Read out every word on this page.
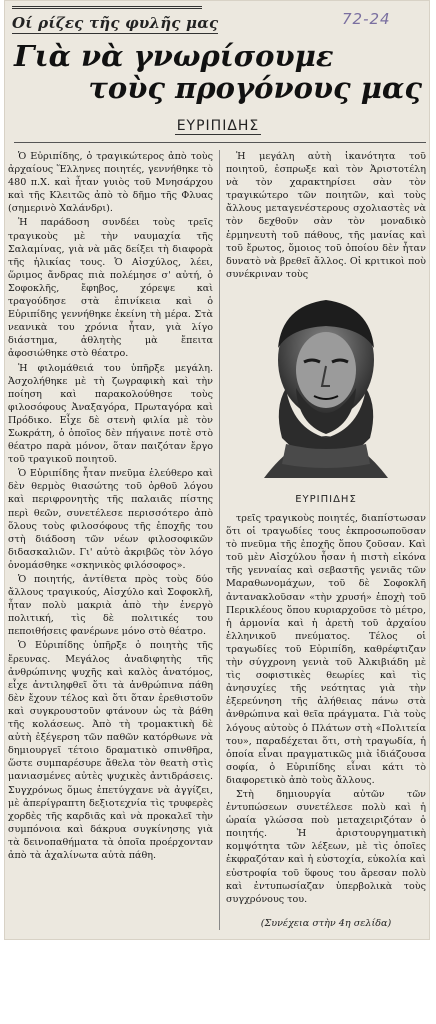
Οί ρίζες τῆς φυλῆς μας	72-24
Γιὰ νὰ γνωρίσουμε
τοὺς προγόνους μας
ΕΥΡΙΠΙΔΗΣ

Ὁ Εὐριπίδης, ὁ τραγικώτερος ἀπὸ τοὺς ἀρχαίους Ἕλληνες ποιητές, γεννήθηκε τὸ 480 π.Χ. καὶ ἦταν γυιὸς τοῦ Μνησάρχου καὶ τῆς Κλειτῶς ἀπὸ τὸ δῆμο τῆς Φλυας (σημερινὸ Χαλάνδρι).

Ἡ παράδοση συνδέει τοὺς τρεῖς τραγικοὺς μὲ τὴν ναυμαχία τῆς Σαλαμίνας, γιὰ νὰ μᾶς δείξει τὴ διαφορὰ τῆς ἡλικίας τους. Ὁ Αἰσχύλος, λέει, ὥριμος ἄνδρας πιὰ πολέμησε σ' αὐτή, ὁ Σοφοκλῆς, ἔφηβος, χόρεψε καὶ τραγούδησε στὰ ἐπινίκεια καὶ ὁ Εὐριπίδης γεννήθηκε ἐκείνη τὴ μέρα. Στὰ νεανικὰ του χρόνια ἦταν, γιὰ λίγο διάστημα, ἀθλητὴς μὰ ἔπειτα ἀφοσιώθηκε στὸ θέατρο.

Ἡ φιλομάθειά του ὑπῆρξε μεγάλη. Ἀσχολήθηκε μὲ τὴ ζωγραφικὴ καὶ τὴν ποίηση καὶ παρακολούθησε τοὺς φιλοσόφους Ἀναξαγόρα, Πρωταγόρα καὶ Πρόδικο. Εἶχε δὲ στενὴ φιλία μὲ τὸν Σωκράτη, ὁ ὁποῖος δὲν πήγαινε ποτὲ στὸ θέατρο παρὰ μόνον, ὅταν παιζόταν ἔργο τοῦ τραγικοῦ ποιητοῦ.

Ὁ Εὐριπίδης ἦταν πνεῦμα ἐλεύθερο καὶ δὲν θερμὸς θιασώτης τοῦ ὀρθοῦ λόγου καὶ περιφρονητὴς τῆς παλαιᾶς πίστης περὶ θεῶν, συνετέλεσε περισσότερο ἀπὸ ὅλους τοὺς φιλοσόφους τῆς ἐποχῆς του στὴ διάδοση τῶν νέων φιλοσοφικῶν διδασκαλιῶν. Γι' αὐτὸ ἀκριβῶς τὸν λόγο ὀνομάσθηκε «σκηνικὸς φιλόσοφος».

Ὁ ποιητής, ἀντίθετα πρὸς τοὺς δύο ἄλλους τραγικούς, Αἰσχύλο καὶ Σοφοκλῆ, ἦταν πολὺ μακριὰ ἀπὸ τὴν ἐνεργὸ πολιτική, τὶς δὲ πολιτικές του πεποιθήσεις φανέρωνε μόνο στὸ θέατρο.

Ὁ Εὐριπίδης ὑπῆρξε ὁ ποιητὴς τῆς ἔρευνας. Μεγάλος ἀναδιφητὴς τῆς ἀνθρώπινης ψυχῆς καὶ καλὸς ἀνατόμος, εἶχε ἀντιληφθεῖ ὅτι τὰ ἀνθρώπινα πάθη δὲν ἔχουν τέλος καὶ ὅτι ὅταν ἐρεθιστοῦν καὶ συγκρουστοῦν φτάνουν ὡς τὰ βάθη τῆς κολάσεως. Ἀπὸ τὴ τρομακτικὴ δὲ αὐτὴ ἐξέγερση τῶν παθῶν κατόρθωνε νὰ δημιουργεῖ τέτοιο δραματικὸ σπινθῆρα, ὥστε συμπαρέσυρε ἄθελα τὸν θεατὴ στὶς μανιασμένες αὐτὲς ψυχικὲς ἀντιδράσεις. Συγχρόνως ὅμως ἐπετύγχανε νὰ ἀγγίζει, μὲ ἀπερίγραπτη δεξιοτεχνία τὶς τρυφερὲς χορδὲς τῆς καρδιᾶς καὶ νὰ προκαλεῖ τὴν συμπόνοια καὶ δάκρυα συγκίνησης γιὰ τὰ δεινοπαθήματα τὰ ὁποῖα προέρχονταν ἀπὸ τὰ ἀχαλίνωτα αὐτὰ πάθη.

Ἡ μεγάλη αὐτὴ ἱκανότητα τοῦ ποιητοῦ, ἐσπρωξε καὶ τὸν Ἀριστοτέλη νὰ τὸν χαρακτηρίσει σὰν τὸν τραγικώτερο τῶν ποιητῶν, καὶ τοὺς ἄλλους μεταγενέστερους σχολιαστὲς νὰ τὸν δεχθοῦν σὰν τὸν μοναδικὸ ἑρμηνευτὴ τοῦ πάθους, τῆς μανίας καὶ τοῦ ἔρωτος, ὅμοιος τοῦ ὁποίου δὲν ἦταν δυνατὸ νὰ βρεθεῖ ἄλλος. Οἱ κριτικοὶ ποὺ συνέκριναν τοὺς

ΕΥΡΙΠΙΔΗΣ

τρεῖς τραγικοὺς ποιητές, διαπίστωσαν ὅτι οἱ τραγωδίες τους ἐκπροσωποῦσαν τὸ πνεῦμα τῆς ἐποχῆς ὅπου ζοῦσαν. Καὶ τοῦ μὲν Αἰσχύλου ἦσαν ἡ πιστὴ εἰκόνα τῆς γενναίας καὶ σεβαστῆς γενιᾶς τῶν Μαραθωνομάχων, τοῦ δὲ Σοφοκλῆ ἀντανακλοῦσαν «τὴν χρυσή» ἐποχὴ τοῦ Περικλέους ὅπου κυριαρχοῦσε τὸ μέτρο, ἡ ἁρμονία καὶ ἡ ἀρετὴ τοῦ ἀρχαίου ἑλληνικοῦ πνεύματος. Τέλος οἱ τραγωδίες τοῦ Εὐριπίδη, καθρέφτιζαν τὴν σύγχρονη γενιὰ τοῦ Ἀλκιβιάδη μὲ τὶς σοφιστικὲς θεωρίες καὶ τὶς ἀνησυχίες τῆς νεότητας γιὰ τὴν ἐξερεύνηση τῆς ἀλήθειας πάνω στὰ ἀνθρώπινα καὶ θεῖα πράγματα. Γιὰ τοὺς λόγους αὐτοὺς ὁ Πλάτων στὴ «Πολιτεία του», παραδέχεται ὅτι, στὴ τραγωδία, ἡ ὁποία εἶναι πραγματικῶς μιὰ ἰδιάζουσα σοφία, ὁ Εὐριπίδης εἶναι κάτι τὸ διαφορετικὸ ἀπὸ τοὺς ἄλλους.

Στὴ δημιουργία αὐτῶν τῶν ἐντυπώσεων συνετέλεσε πολὺ καὶ ἡ ὡραία γλώσσα ποὺ μεταχειριζόταν ὁ ποιητής. Ἡ ἀριστουργηματικὴ κομψότητα τῶν λέξεων, μὲ τὶς ὁποῖες ἐκφραζόταν καὶ ἡ εὐστοχία, εὐκολία καὶ εὐστροφία τοῦ ὕφους του ἄρεσαν πολὺ καὶ ἐντυπωσίαζαν ὑπερβολικὰ τοὺς συγχρόνους του.

(Συνέχεια στὴν 4η σελίδα)
